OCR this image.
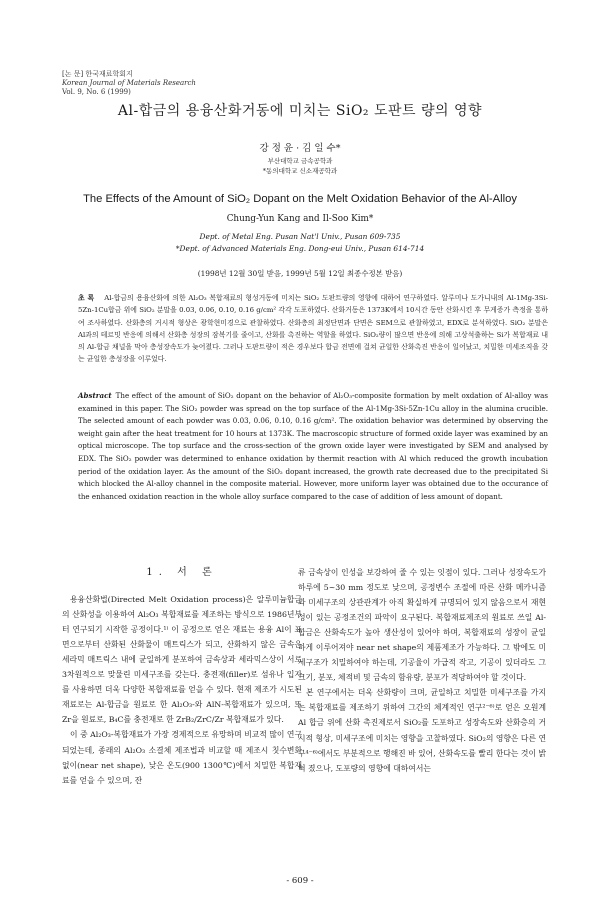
[논 문] 한국재료학회지
Korean Journal of Materials Research
Vol. 9, No. 6 (1999)
Al-합금의 용융산화거동에 미치는 SiO₂ 도판트 량의 영향
강 정 윤 · 김 일 수*
부산대학교 금속공학과
*동의대학교 신소재공학과
The Effects of the Amount of SiO₂ Dopant on the Melt Oxidation Behavior of the Al-Alloy
Chung-Yun Kang and Il-Soo Kim*
Dept. of Metal Eng. Pusan Nat'l Univ., Pusan 609-735
*Dept. of Advanced Materials Eng. Dong-eui Univ., Pusan 614-714
(1998년 12월 30일 받음, 1999년 5월 12일 최종수정본 받음)
초 록 Al-합금의 용융산화에 의한 Al₂O₃ 복합재료의 형성거동에 미치는 SiO₂ 도판트량의 영향에 대하여 연구하였다. 알루미나 도가니내의 Al-1Mg-3Si-5Zn-1Cu합금 위에 SiO₂ 분말을 0.03, 0.06, 0.10, 0.16 g/cm² 각각 도포하였다. 산화거동은 1373K에서 10시간 동안 산화시킨 후 무게증가 측정을 통하여 조사하였다. 산화층의 거시적 형상은 광학현미경으로 관찰하였다. 산화층의 최정단면과 단면은 SEM으로 관찰하였고, EDX로 분석하였다. SiO₂ 분말은 Al과의 테르밋 반응에 의해서 산화층 성장의 잠복기를 줄이고, 산화를 촉진하는 역할을 하였다. SiO₂량이 많으면 반응에 의해 고상석출하는 Si가 복합재료 내의 Al-합금 채널을 막아 층성장속도가 늦어졌다. 그러나 도판트량이 적은 경우보다 합금 전면에 걸쳐 균일한 산화촉진 반응이 일어났고, 치밀한 미세조직을 갖는 균일한 층성장을 이루었다.
Abstract The effect of the amount of SiO₂ dopant on the behavior of Al₂O₃-composite formation by melt oxdation of Al-alloy was examined in this paper. The SiO₂ powder was spread on the top surface of the Al-1Mg-3Si-5Zn-1Cu alloy in the alumina crucible. The selected amount of each powder was 0.03, 0.06, 0.10, 0.16 g/cm². The oxidation behavior was determined by observing the weight gain after the heat treatment for 10 hours at 1373K. The macroscopic structure of formed oxide layer was examined by an optical microscope. The top surface and the cross-section of the grown oxide layer were investigated by SEM and analysed by EDX. The SiO₂ powder was determined to enhance oxidation by thermit reaction with Al which reduced the growth incubation period of the oxidation layer. As the amount of the SiO₂ dopant increased, the growth rate decreased due to the precipitated Si which blocked the Al-alloy channel in the composite material. However, more uniform layer was obtained due to the occurance of the enhanced oxidation reaction in the whole alloy surface compared to the case of addition of less amount of dopant.
1. 서 론

용융산화법(Directed Melt Oxidation process)은 알루미늄합금의 산화성을 이용하여 Al₂O₃ 복합재료를 제조하는 방식으로 1986년부터 연구되기 시작한 공정이다.¹⁾ 이 공정으로 얻은 재료는 용융 Al이 표면으로부터 산화된 산화물이 매트릭스가 되고, 산화하지 않은 금속은 세라믹 매트릭스 내에 균일하게 분포하여 금속상과 세라믹스상이 서로 3차원적으로 맞물린 미세구조를 갖는다. 충전재(filler)로 섬유나 입자를 사용하면 더욱 다양한 복합재료를 얻을 수 있다. 현재 제조가 시도된 재료로는 Al-합금을 원료로 한 Al₂O₃-와 AlN-복합재료가 있으며, 또 Zr을 원료로, B₄C를 충전재로 한 ZrB₂/ZrC/Zr 복합재료가 있다.

이 중 Al₂O₃-복합재료가 가장 경제적으로 유망하며 비교적 많이 연구되었는데, 종래의 Al₂O₃ 소결체 제조법과 비교할 때 제조시 칫수변화 없이(near net shape), 낮은 온도(900 1300℃)에서 치밀한 복합재료를 얻을 수 있으며, 잔

류 금속상이 인성을 보강하여 줄 수 있는 잇점이 있다. 그러나 성장속도가 하루에 5~30 mm 정도로 낮으며, 공정변수 조절에 따른 산화 메카니즘과 미세구조의 상관관계가 아직 확실하게 규명되어 있지 않음으로서 재현성이 있는 공정조건의 파악이 요구된다. 복합재료제조의 원료로 쓰일 Al-합금은 산화속도가 높아 생산성이 있어야 하며, 복합재료의 성장이 균일하게 이루어져야 near net shape의 제품제조가 가능하다. 그 밖에도 미세구조가 치밀하여야 하는데, 기공율이 가급적 작고, 기공이 있더라도 그 크기, 분포, 체적비 및 금속의 함유량, 분포가 적당하여야 할 것이다.

본 연구에서는 더욱 산화량이 크며, 균일하고 치밀한 미세구조를 가지는 복합재료를 제조하기 위하여 그간의 체계적인 연구²⁻⁶⁾로 얻은 오원계 Al 합금 위에 산화 촉진제로서 SiO₂를 도포하고 성장속도와 산화층의 거시적 형상, 미세구조에 미치는 영향을 고찰하였다. SiO₂의 영향은 다른 연구⁴⁻⁶⁾에서도 부분적으로 행해진 바 있어, 산화속도를 빨리 한다는 것이 밝혀 졌으나, 도포량의 영향에 대하여서는

- 609 -
